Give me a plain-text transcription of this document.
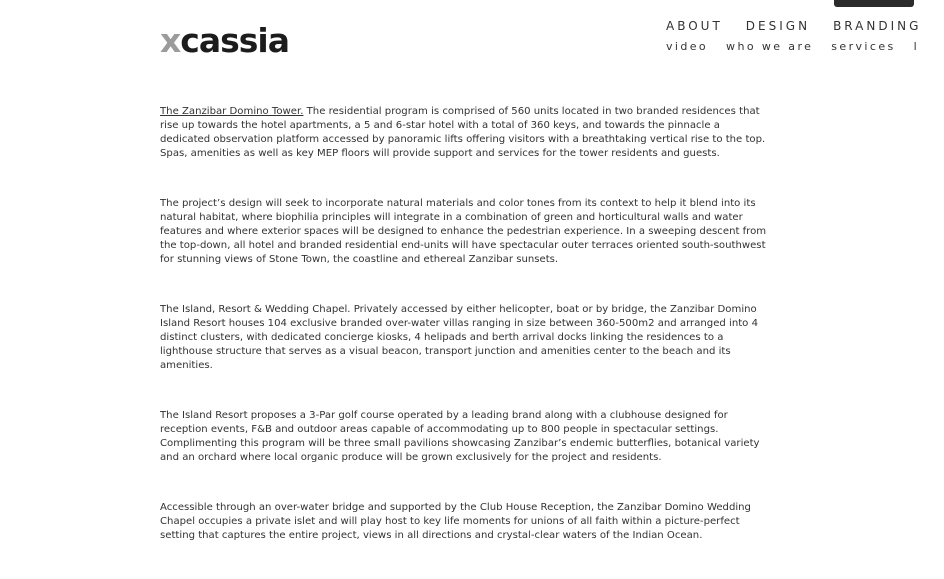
xcassia	ABOUT DESIGN BRANDING
video who we are services l

The Zanzibar Domino Tower. The residential program is comprised of 560 units located in two branded residences that rise up towards the hotel apartments, a 5 and 6-star hotel with a total of 360 keys, and towards the pinnacle a dedicated observation platform accessed by panoramic lifts offering visitors with a breathtaking vertical rise to the top. Spas, amenities as well as key MEP floors will provide support and services for the tower residents and guests.

The project’s design will seek to incorporate natural materials and color tones from its context to help it blend into its natural habitat, where biophilia principles will integrate in a combination of green and horticultural walls and water features and where exterior spaces will be designed to enhance the pedestrian experience. In a sweeping descent from the top-down, all hotel and branded residential end-units will have spectacular outer terraces oriented south-southwest for stunning views of Stone Town, the coastline and ethereal Zanzibar sunsets.

The Island, Resort & Wedding Chapel. Privately accessed by either helicopter, boat or by bridge, the Zanzibar Domino Island Resort houses 104 exclusive branded over-water villas ranging in size between 360-500m2 and arranged into 4 distinct clusters, with dedicated concierge kiosks, 4 helipads and berth arrival docks linking the residences to a lighthouse structure that serves as a visual beacon, transport junction and amenities center to the beach and its amenities.

The Island Resort proposes a 3-Par golf course operated by a leading brand along with a clubhouse designed for reception events, F&B and outdoor areas capable of accommodating up to 800 people in spectacular settings. Complimenting this program will be three small pavilions showcasing Zanzibar’s endemic butterflies, botanical variety and an orchard where local organic produce will be grown exclusively for the project and residents.

Accessible through an over-water bridge and supported by the Club House Reception, the Zanzibar Domino Wedding Chapel occupies a private islet and will play host to key life moments for unions of all faith within a picture-perfect setting that captures the entire project, views in all directions and crystal-clear waters of the Indian Ocean.
